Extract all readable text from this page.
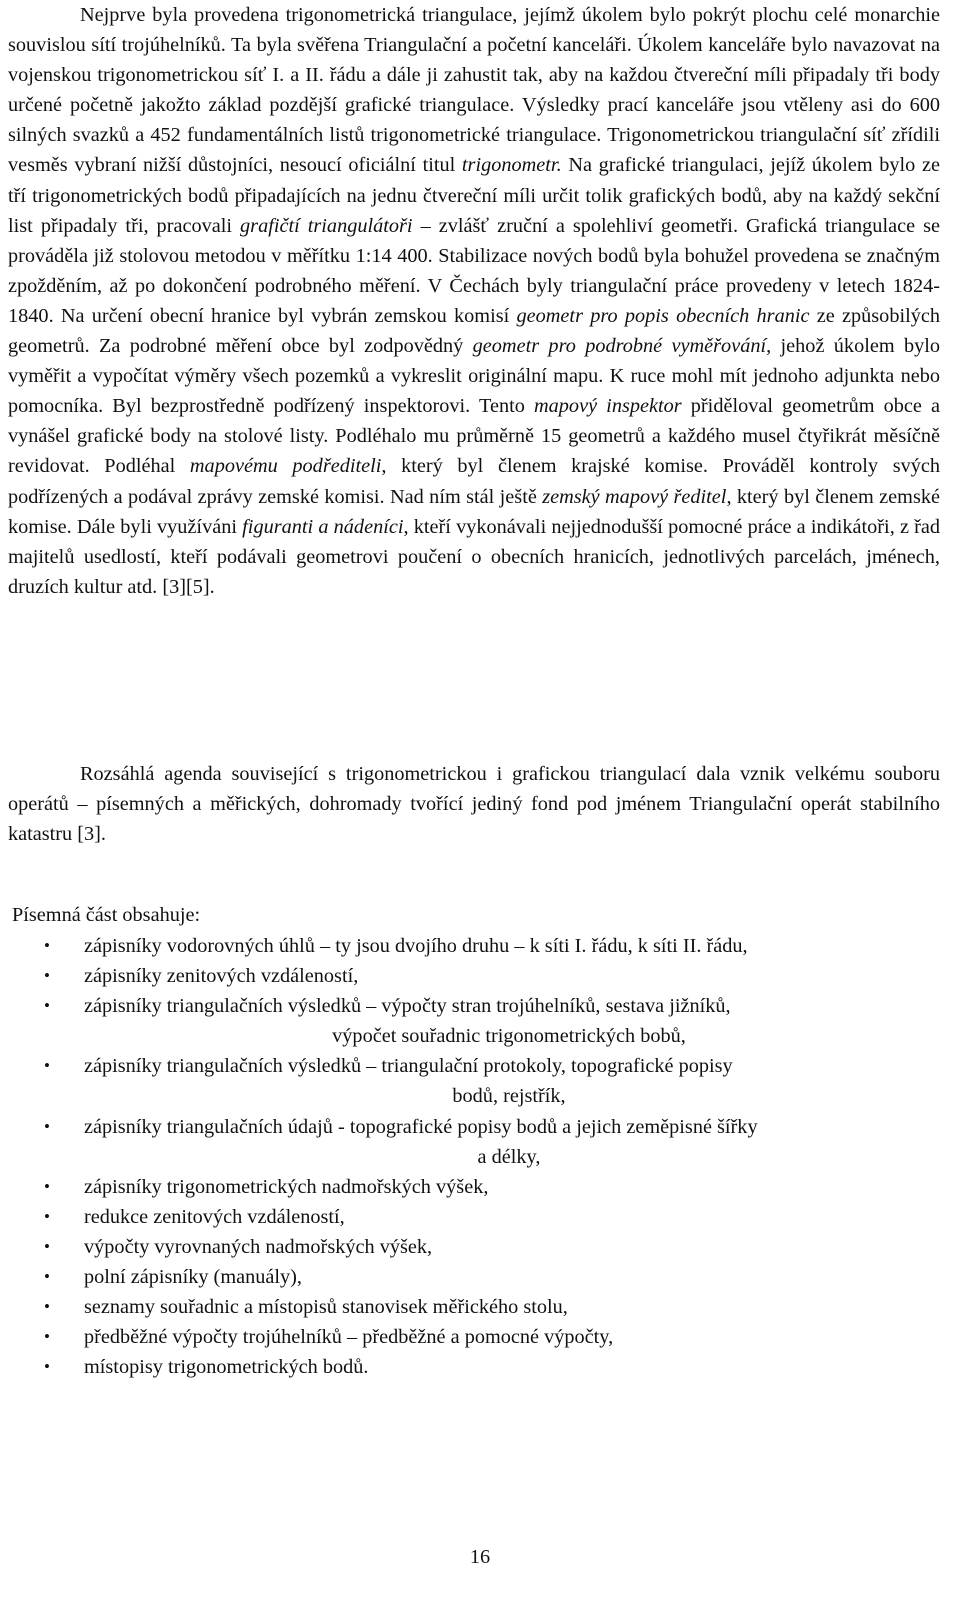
Nejprve byla provedena trigonometrická triangulace, jejímž úkolem bylo pokrýt plochu celé monarchie souvislou sítí trojúhelníků. Ta byla svěřena Triangulační a početní kanceláři. Úkolem kanceláře bylo navazovat na vojenskou trigonometrickou síť I. a II. řádu a dále ji zahustit tak, aby na každou čtvereční míli připadaly tři body určené početně jakožto základ pozdější grafické triangulace. Výsledky prací kanceláře jsou vtěleny asi do 600 silných svazků a 452 fundamentálních listů trigonometrické triangulace. Trigonometrickou triangulační síť zřídili vesměs vybraní nižší důstojníci, nesoucí oficiální titul trigonometr. Na grafické triangulaci, jejíž úkolem bylo ze tří trigonometrických bodů připadajících na jednu čtvereční míli určit tolik grafických bodů, aby na každý sekční list připadaly tři, pracovali grafičtí triangulátoři – zvlášť zruční a spolehliví geometři. Grafická triangulace se prováděla již stolovou metodou v měřítku 1:14 400. Stabilizace nových bodů byla bohužel provedena se značným zpožděním, až po dokončení podrobného měření. V Čechách byly triangulační práce provedeny v letech 1824-1840. Na určení obecní hranice byl vybrán zemskou komisí geometr pro popis obecních hranic ze způsobilých geometrů. Za podrobné měření obce byl zodpovědný geometr pro podrobné vyměřování, jehož úkolem bylo vyměřit a vypočítat výměry všech pozemků a vykreslit originální mapu. K ruce mohl mít jednoho adjunkta nebo pomocníka. Byl bezprostředně podřízený inspektorovi. Tento mapový inspektor přiděloval geometrům obce a vynášel grafické body na stolové listy. Podléhalo mu průměrně 15 geometrů a každého musel čtyřikrát měsíčně revidovat. Podléhal mapovému podřediteli, který byl členem krajské komise. Prováděl kontroly svých podřízených a podával zprávy zemské komisi. Nad ním stál ještě zemský mapový ředitel, který byl členem zemské komise. Dále byli využíváni figuranti a nádeníci, kteří vykonávali nejjednodušší pomocné práce a indikátoři, z řad majitelů usedlostí, kteří podávali geometrovi poučení o obecních hranicích, jednotlivých parcelách, jménech, druzích kultur atd. [3][5].

Rozsáhlá agenda související s trigonometrickou i grafickou triangulací dala vznik velkému souboru operátů – písemných a měřických, dohromady tvořící jediný fond pod jménem Triangulační operát stabilního katastru [3].

Písemná část obsahuje:

• zápisníky vodorovných úhlů – ty jsou dvojího druhu – k síti I. řádu, k síti II. řádu,
• zápisníky zenitových vzdáleností,
• zápisníky triangulačních výsledků – výpočty stran trojúhelníků, sestava jižníků,
výpočet souřadnic trigonometrických bobů,
• zápisníky triangulačních výsledků – triangulační protokoly, topografické popisy
bodů, rejstřík,
• zápisníky triangulačních údajů - topografické popisy bodů a jejich zeměpisné šířky
a délky,
• zápisníky trigonometrických nadmořských výšek,
• redukce zenitových vzdáleností,
• výpočty vyrovnaných nadmořských výšek,
• polní zápisníky (manuály),
• seznamy souřadnic a místopisů stanovisek měřického stolu,
• předběžné výpočty trojúhelníků – předběžné a pomocné výpočty,
• místopisy trigonometrických bodů.

16
